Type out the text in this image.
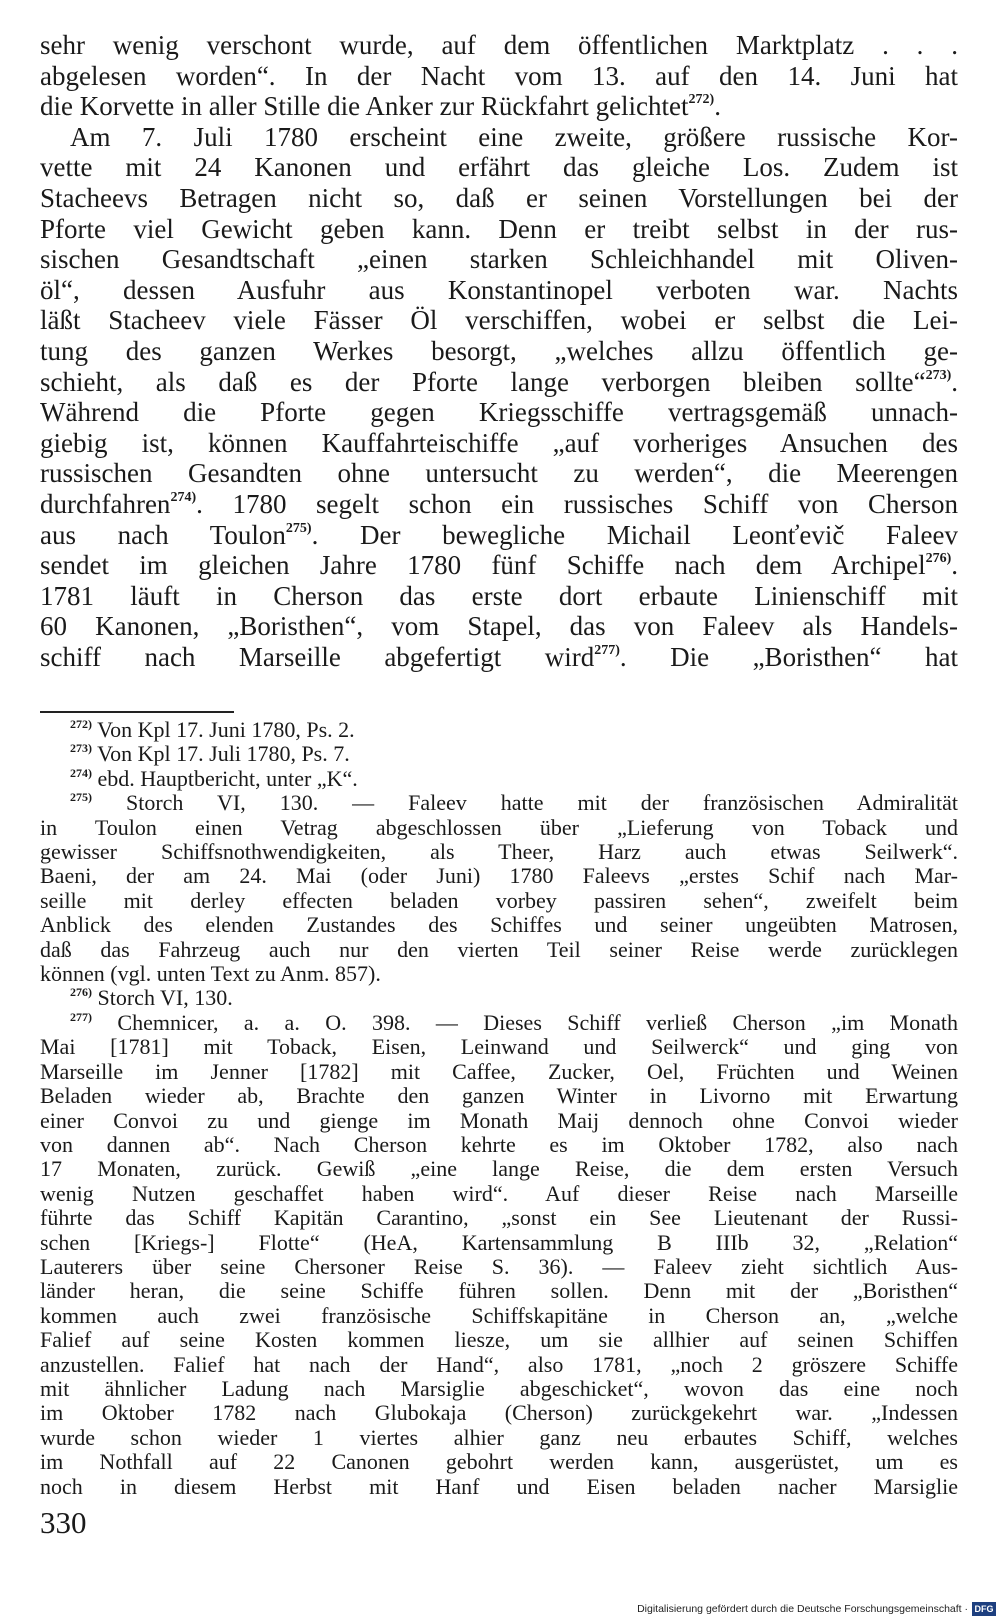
sehr wenig verschont wurde, auf dem öffentlichen Marktplatz . . .

abgelesen worden“. In der Nacht vom 13. auf den 14. Juni hat

die Korvette in aller Stille die Anker zur Rückfahrt gelichtet$^{272)}$.

Am 7. Juli 1780 erscheint eine zweite, größere russische Kor-

vette mit 24 Kanonen und erfährt das gleiche Los. Zudem ist

Stacheevs Betragen nicht so, daß er seinen Vorstellungen bei der

Pforte viel Gewicht geben kann. Denn er treibt selbst in der rus-

sischen Gesandtschaft „einen starken Schleichhandel mit Oliven-

öl“, dessen Ausfuhr aus Konstantinopel verboten war. Nachts

läßt Stacheev viele Fässer Öl verschiffen, wobei er selbst die Lei-

tung des ganzen Werkes besorgt, „welches allzu öffentlich ge-

schieht, als daß es der Pforte lange verborgen bleiben sollte“$^{273)}$.

Während die Pforte gegen Kriegsschiffe vertragsgemäß unnach-

giebig ist, können Kauffahrteischiffe „auf vorheriges Ansuchen des

russischen Gesandten ohne untersucht zu werden“, die Meerengen

durchfahren$^{274)}$. 1780 segelt schon ein russisches Schiff von Cherson

aus nach Toulon$^{275)}$. Der bewegliche Michail Leonťevič Faleev

sendet im gleichen Jahre 1780 fünf Schiffe nach dem Archipel$^{276)}$.

1781 läuft in Cherson das erste dort erbaute Linienschiff mit

60 Kanonen, „Boristhen“, vom Stapel, das von Faleev als Handels-

schiff nach Marseille abgefertigt wird$^{277)}$. Die „Boristhen“ hat

$^{272)}$ Von Kpl 17. Juni 1780, Ps. 2.

$^{273)}$ Von Kpl 17. Juli 1780, Ps. 7.

$^{274)}$ ebd. Hauptbericht, unter „K“.

$^{275)}$ Storch VI, 130. — Faleev hatte mit der französischen Admiralität

in Toulon einen Vetrag abgeschlossen über „Lieferung von Toback und

gewisser Schiffsnothwendigkeiten, als Theer, Harz auch etwas Seilwerk“.

Baeni, der am 24. Mai (oder Juni) 1780 Faleevs „erstes Schif nach Mar-

seille mit derley effecten beladen vorbey passiren sehen“, zweifelt beim

Anblick des elenden Zustandes des Schiffes und seiner ungeübten Matrosen,

daß das Fahrzeug auch nur den vierten Teil seiner Reise werde zurücklegen

können (vgl. unten Text zu Anm. 857).

$^{276)}$ Storch VI, 130.

$^{277)}$ Chemnicer, a. a. O. 398. — Dieses Schiff verließ Cherson „im Monath

Mai [1781] mit Toback, Eisen, Leinwand und Seilwerck“ und ging von

Marseille im Jenner [1782] mit Caffee, Zucker, Oel, Früchten und Weinen

Beladen wieder ab, Brachte den ganzen Winter in Livorno mit Erwartung

einer Convoi zu und gienge im Monath Maij dennoch ohne Convoi wieder

von dannen ab“. Nach Cherson kehrte es im Oktober 1782, also nach

17 Monaten, zurück. Gewiß „eine lange Reise, die dem ersten Versuch

wenig Nutzen geschaffet haben wird“. Auf dieser Reise nach Marseille

führte das Schiff Kapitän Carantino, „sonst ein See Lieutenant der Russi-

schen [Kriegs-] Flotte“ (HeA, Kartensammlung B IIIb 32, „Relation“

Lauterers über seine Chersoner Reise S. 36). — Faleev zieht sichtlich Aus-

länder heran, die seine Schiffe führen sollen. Denn mit der „Boristhen“

kommen auch zwei französische Schiffskapitäne in Cherson an, „welche

Falief auf seine Kosten kommen liesze, um sie allhier auf seinen Schiffen

anzustellen. Falief hat nach der Hand“, also 1781, „noch 2 gröszere Schiffe

mit ähnlicher Ladung nach Marsiglie abgeschicket“, wovon das eine noch

im Oktober 1782 nach Glubokaja (Cherson) zurückgekehrt war. „Indessen

wurde schon wieder 1 viertes alhier ganz neu erbautes Schiff, welches

im Nothfall auf 22 Canonen gebohrt werden kann, ausgerüstet, um es

noch in diesem Herbst mit Hanf und Eisen beladen nacher Marsiglie

330
Digitalisierung gefördert durch die Deutsche Forschungsgemeinschaft · DFG
